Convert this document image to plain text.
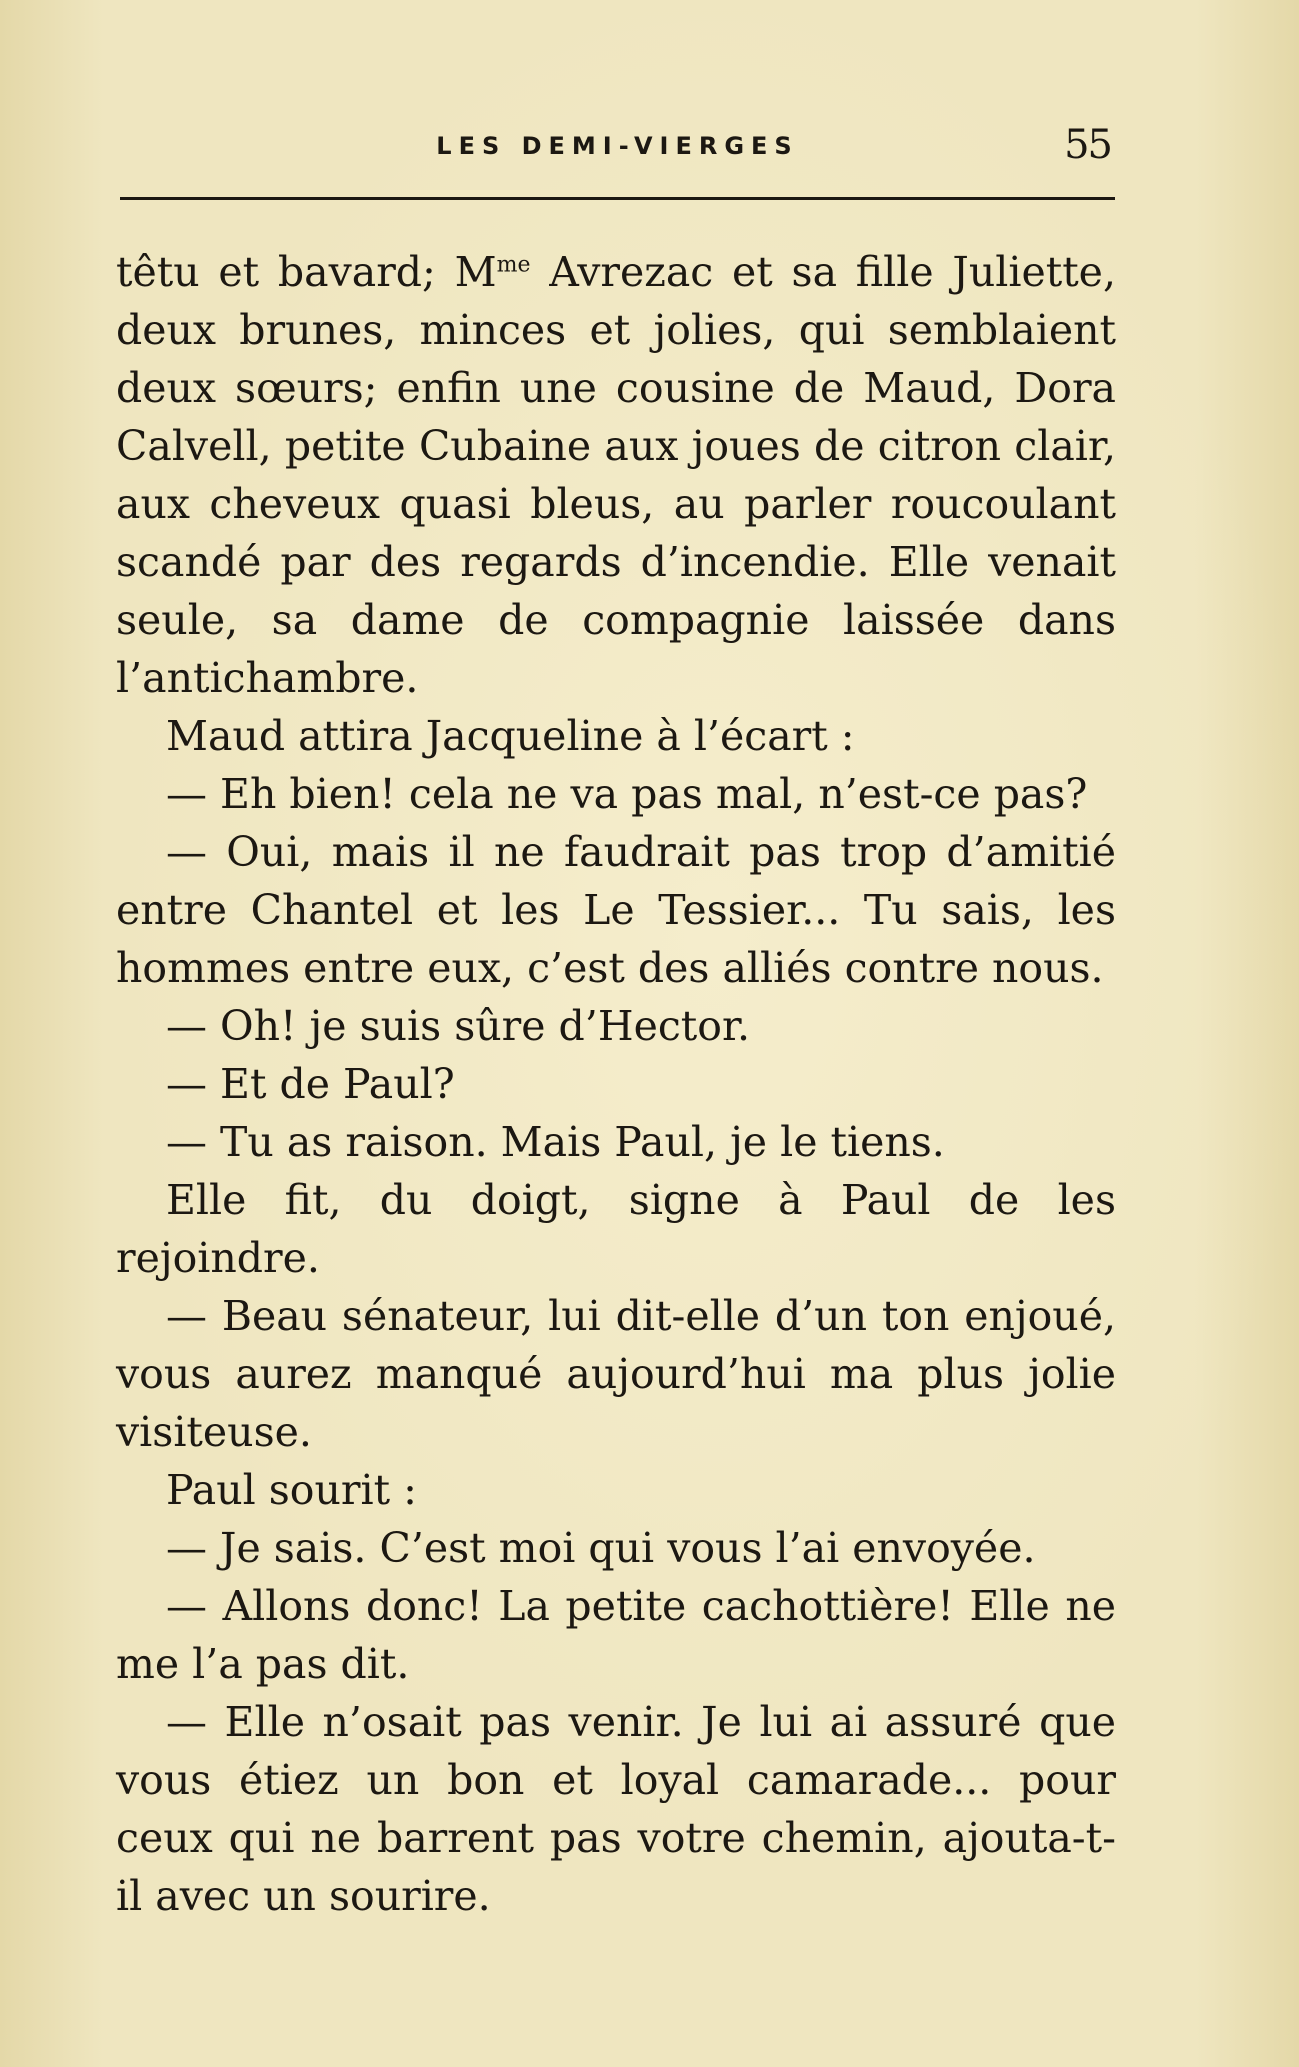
LES DEMI-VIERGES	55

têtu et bavard; $M^{me}$ Avrezac et sa fille Juliette, deux brunes, minces et jolies, qui semblaient deux sœurs; enfin une cousine de Maud, Dora Calvell, petite Cubaine aux joues de citron clair, aux cheveux quasi bleus, au parler roucoulant scandé par des regards d’incendie. Elle venait seule, sa dame de compagnie laissée dans l’antichambre.

Maud attira Jacqueline à l’écart :

— Eh bien! cela ne va pas mal, n’est-ce pas?

— Oui, mais il ne faudrait pas trop d’amitié entre Chantel et les Le Tessier... Tu sais, les hommes entre eux, c’est des alliés contre nous.

— Oh! je suis sûre d’Hector.

— Et de Paul?

— Tu as raison. Mais Paul, je le tiens.

Elle fit, du doigt, signe à Paul de les rejoindre.

— Beau sénateur, lui dit-elle d’un ton enjoué, vous aurez manqué aujourd’hui ma plus jolie visiteuse.

Paul sourit :

— Je sais. C’est moi qui vous l’ai envoyée.

— Allons donc! La petite cachottière! Elle ne me l’a pas dit.

— Elle n’osait pas venir. Je lui ai assuré que vous étiez un bon et loyal camarade... pour ceux qui ne barrent pas votre chemin, ajouta-t-il avec un sourire.
